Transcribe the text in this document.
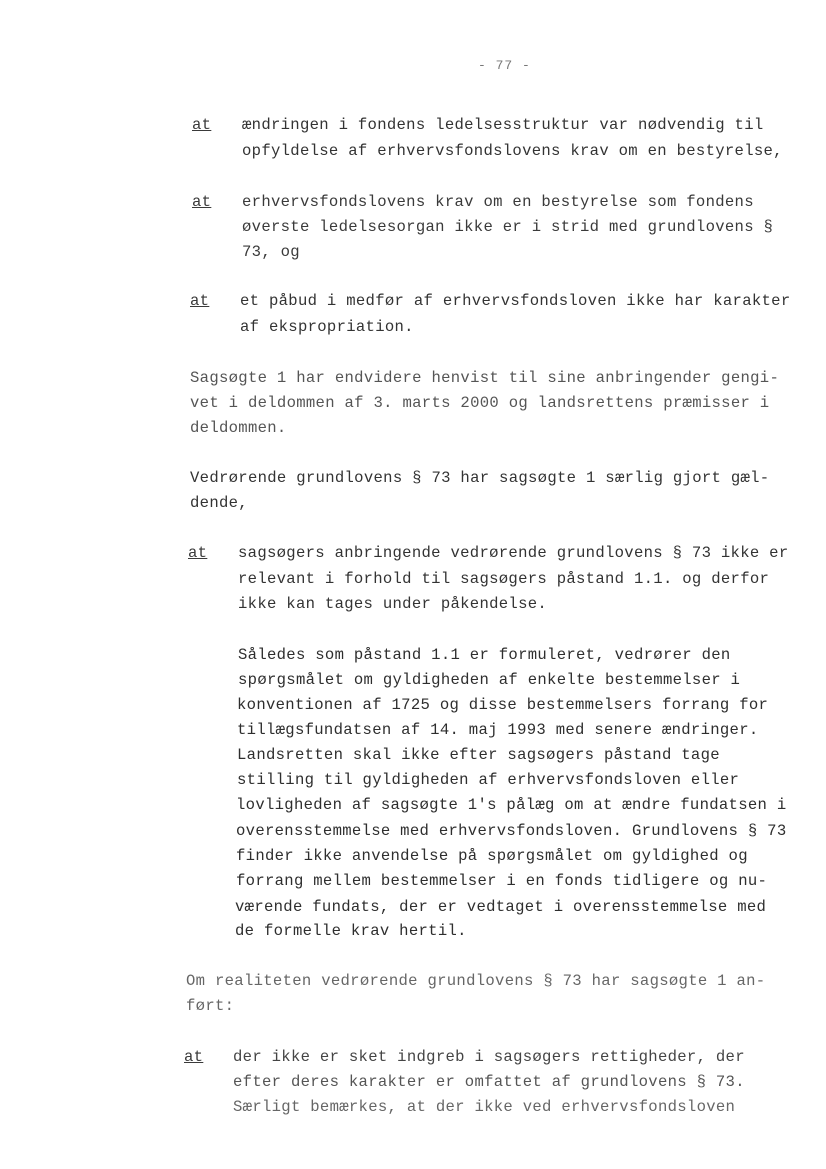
- 77 -
at ændringen i fondens ledelsesstruktur var nødvendig til
opfyldelse af erhvervsfondslovens krav om en bestyrelse,
at erhvervsfondslovens krav om en bestyrelse som fondens
øverste ledelsesorgan ikke er i strid med grundlovens §
73, og
at et påbud i medfør af erhvervsfondsloven ikke har karakter
af ekspropriation.
Sagsøgte 1 har endvidere henvist til sine anbringender gengi-
vet i deldommen af 3. marts 2000 og landsrettens præmisser i
deldommen.
Vedrørende grundlovens § 73 har sagsøgte 1 særlig gjort gæl-
dende,
at sagsøgers anbringende vedrørende grundlovens § 73 ikke er
relevant i forhold til sagsøgers påstand 1.1. og derfor
ikke kan tages under påkendelse.
Således som påstand 1.1 er formuleret, vedrører den
spørgsmålet om gyldigheden af enkelte bestemmelser i
konventionen af 1725 og disse bestemmelsers forrang for
tillægsfundatsen af 14. maj 1993 med senere ændringer.
Landsretten skal ikke efter sagsøgers påstand tage
stilling til gyldigheden af erhvervsfondsloven eller
lovligheden af sagsøgte 1's pålæg om at ændre fundatsen i
overensstemmelse med erhvervsfondsloven. Grundlovens § 73
finder ikke anvendelse på spørgsmålet om gyldighed og
forrang mellem bestemmelser i en fonds tidligere og nu-
værende fundats, der er vedtaget i overensstemmelse med
de formelle krav hertil.
Om realiteten vedrørende grundlovens § 73 har sagsøgte 1 an-
ført:
at der ikke er sket indgreb i sagsøgers rettigheder, der
efter deres karakter er omfattet af grundlovens § 73.
Særligt bemærkes, at der ikke ved erhvervsfondsloven
